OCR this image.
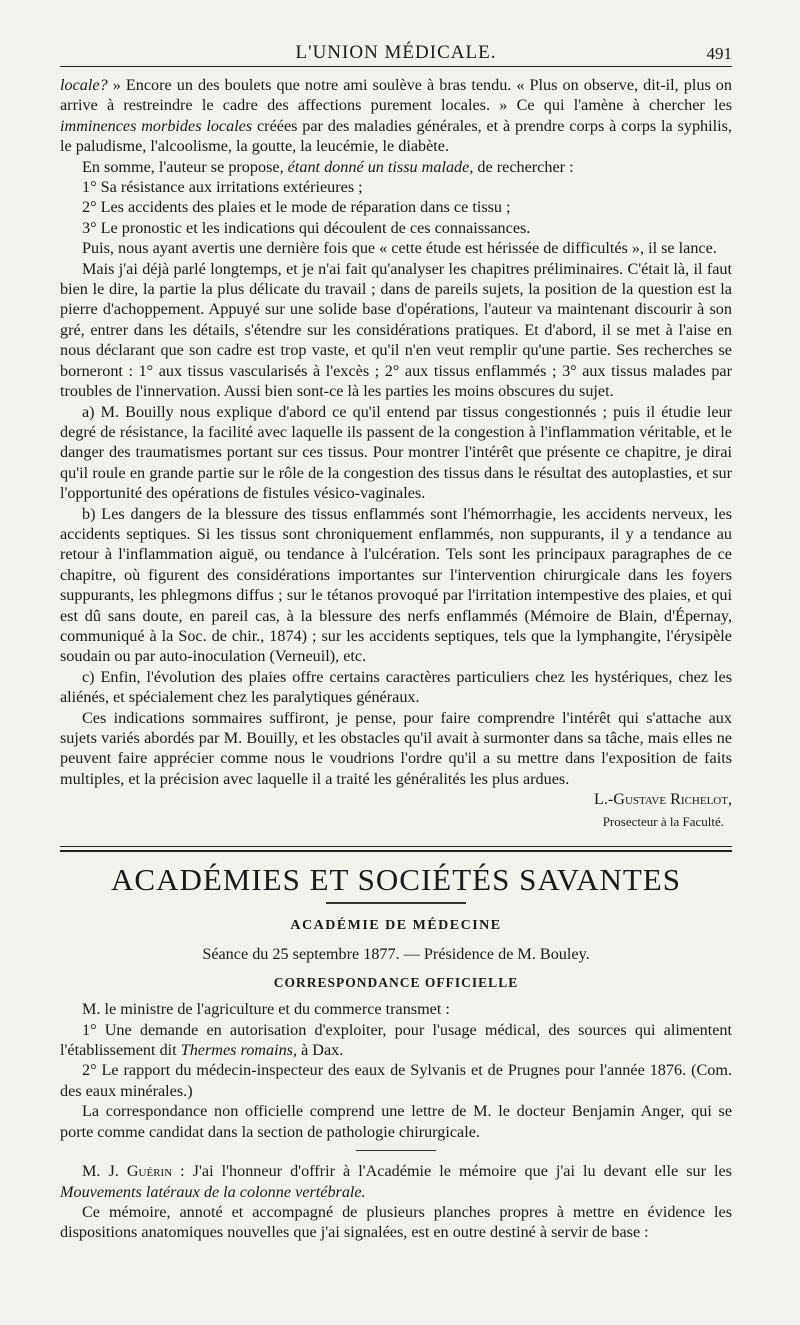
L'UNION MÉDICALE.	491

locale? » Encore un des boulets que notre ami soulève à bras tendu. « Plus on observe, dit-il, plus on arrive à restreindre le cadre des affections purement locales. » Ce qui l'amène à chercher les imminences morbides locales créées par des maladies générales, et à prendre corps à corps la syphilis, le paludisme, l'alcoolisme, la goutte, la leucémie, le diabète.

En somme, l'auteur se propose, étant donné un tissu malade, de rechercher :

1° Sa résistance aux irritations extérieures ;

2° Les accidents des plaies et le mode de réparation dans ce tissu ;

3° Le pronostic et les indications qui découlent de ces connaissances.

Puis, nous ayant avertis une dernière fois que « cette étude est hérissée de difficultés », il se lance.

Mais j'ai déjà parlé longtemps, et je n'ai fait qu'analyser les chapitres préliminaires. C'était là, il faut bien le dire, la partie la plus délicate du travail ; dans de pareils sujets, la position de la question est la pierre d'achoppement. Appuyé sur une solide base d'opérations, l'auteur va maintenant discourir à son gré, entrer dans les détails, s'étendre sur les considérations pratiques. Et d'abord, il se met à l'aise en nous déclarant que son cadre est trop vaste, et qu'il n'en veut remplir qu'une partie. Ses recherches se borneront : 1° aux tissus vascularisés à l'excès ; 2° aux tissus enflammés ; 3° aux tissus malades par troubles de l'innervation. Aussi bien sont-ce là les parties les moins obscures du sujet.

a) M. Bouilly nous explique d'abord ce qu'il entend par tissus congestionnés ; puis il étudie leur degré de résistance, la facilité avec laquelle ils passent de la congestion à l'inflammation véritable, et le danger des traumatismes portant sur ces tissus. Pour montrer l'intérêt que présente ce chapitre, je dirai qu'il roule en grande partie sur le rôle de la congestion des tissus dans le résultat des autoplasties, et sur l'opportunité des opérations de fistules vésico-vaginales.

b) Les dangers de la blessure des tissus enflammés sont l'hémorrhagie, les accidents nerveux, les accidents septiques. Si les tissus sont chroniquement enflammés, non suppurants, il y a tendance au retour à l'inflammation aiguë, ou tendance à l'ulcération. Tels sont les principaux paragraphes de ce chapitre, où figurent des considérations importantes sur l'intervention chirurgicale dans les foyers suppurants, les phlegmons diffus ; sur le tétanos provoqué par l'irritation intempestive des plaies, et qui est dû sans doute, en pareil cas, à la blessure des nerfs enflammés (Mémoire de Blain, d'Épernay, communiqué à la Soc. de chir., 1874) ; sur les accidents septiques, tels que la lymphangite, l'érysipèle soudain ou par auto-inoculation (Verneuil), etc.

c) Enfin, l'évolution des plaies offre certains caractères particuliers chez les hystériques, chez les aliénés, et spécialement chez les paralytiques généraux.

Ces indications sommaires suffiront, je pense, pour faire comprendre l'intérêt qui s'attache aux sujets variés abordés par M. Bouilly, et les obstacles qu'il avait à surmonter dans sa tâche, mais elles ne peuvent faire apprécier comme nous le voudrions l'ordre qu'il a su mettre dans l'exposition de faits multiples, et la précision avec laquelle il a traité les généralités les plus ardues.

L.-Gustave Richelot,

Prosecteur à la Faculté.
ACADÉMIES ET SOCIÉTÉS SAVANTES
ACADÉMIE DE MÉDECINE
Séance du 25 septembre 1877. — Présidence de M. Bouley.
CORRESPONDANCE OFFICIELLE

M. le ministre de l'agriculture et du commerce transmet :

1° Une demande en autorisation d'exploiter, pour l'usage médical, des sources qui alimentent l'établissement dit Thermes romains, à Dax.

2° Le rapport du médecin-inspecteur des eaux de Sylvanis et de Prugnes pour l'année 1876. (Com. des eaux minérales.)

La correspondance non officielle comprend une lettre de M. le docteur Benjamin Anger, qui se porte comme candidat dans la section de pathologie chirurgicale.

M. J. Guérin : J'ai l'honneur d'offrir à l'Académie le mémoire que j'ai lu devant elle sur les Mouvements latéraux de la colonne vertébrale.

Ce mémoire, annoté et accompagné de plusieurs planches propres à mettre en évidence les dispositions anatomiques nouvelles que j'ai signalées, est en outre destiné à servir de base :
